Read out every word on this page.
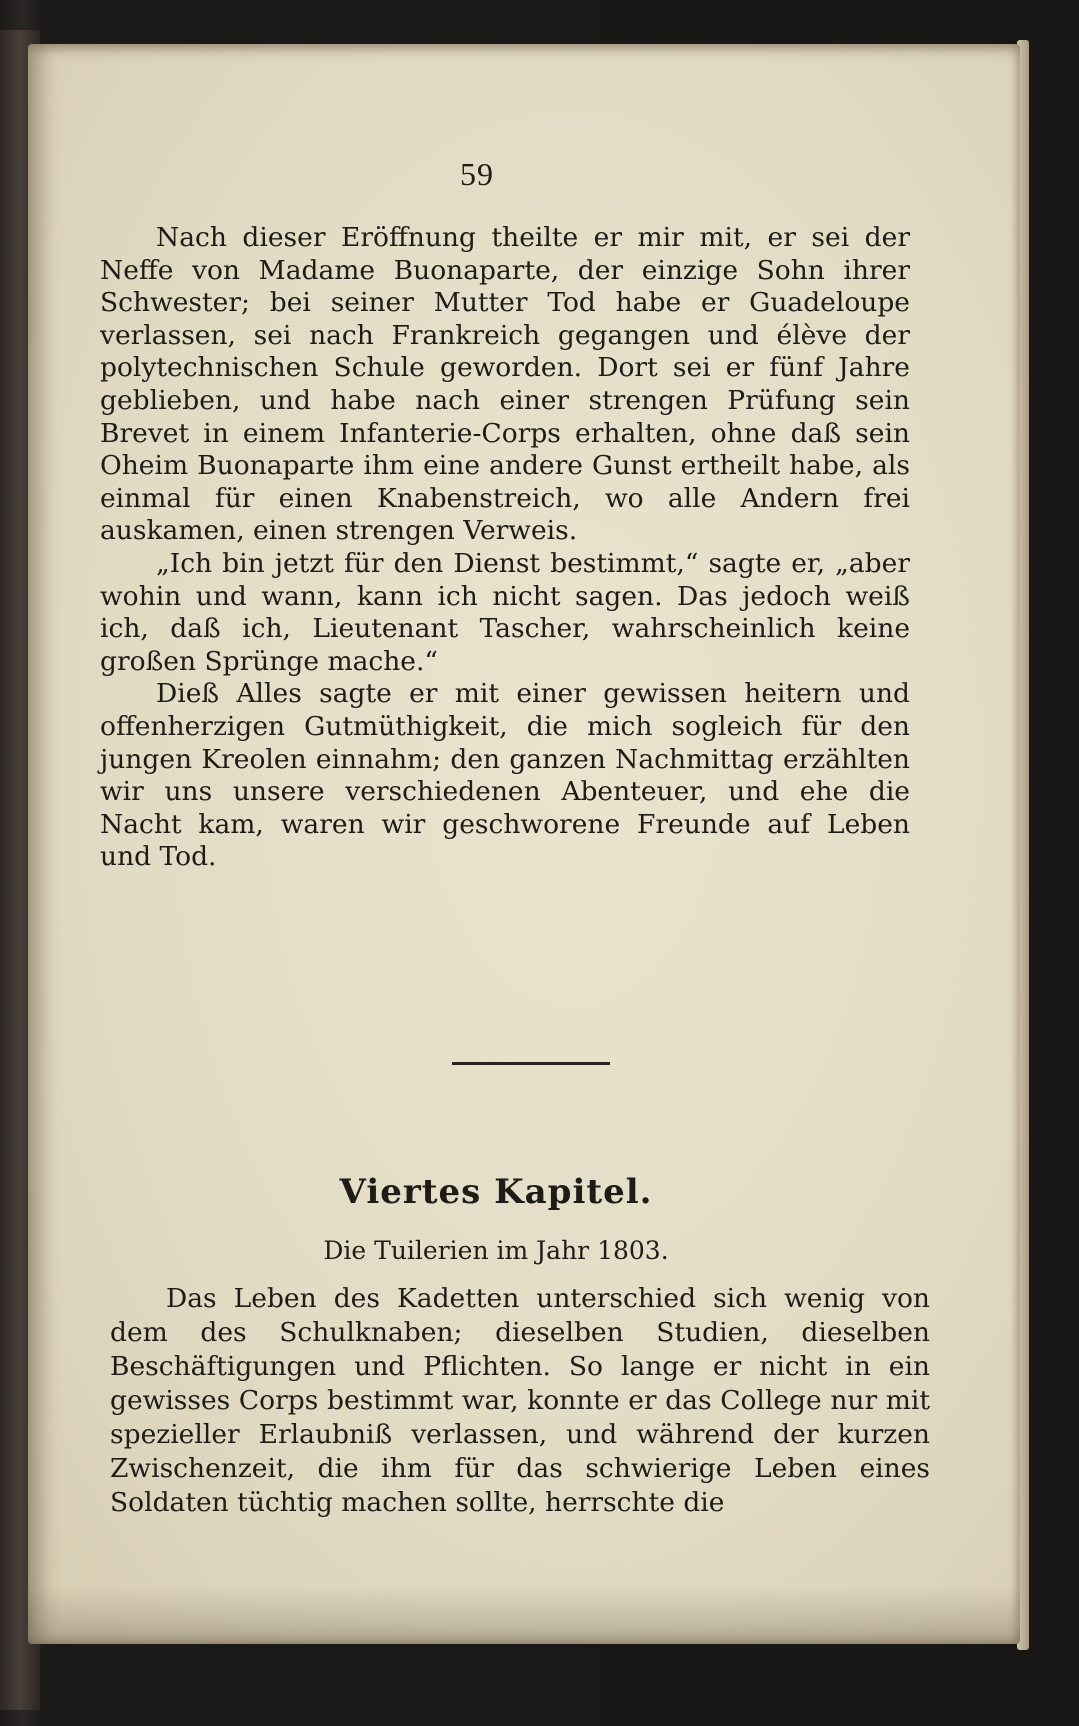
59

Nach dieser Eröffnung theilte er mir mit, er sei der Neffe von Madame Buonaparte, der einzige Sohn ihrer Schwester; bei seiner Mutter Tod habe er Guadeloupe verlassen, sei nach Frankreich gegangen und élève der polytechnischen Schule geworden. Dort sei er fünf Jahre geblieben, und habe nach einer strengen Prüfung sein Brevet in einem Infanterie-Corps erhalten, ohne daß sein Oheim Buonaparte ihm eine andere Gunst ertheilt habe, als einmal für einen Knabenstreich, wo alle Andern frei auskamen, einen strengen Verweis.

„Ich bin jetzt für den Dienst bestimmt,“ sagte er, „aber wohin und wann, kann ich nicht sagen. Das jedoch weiß ich, daß ich, Lieutenant Tascher, wahrscheinlich keine großen Sprünge mache.“

Dieß Alles sagte er mit einer gewissen heitern und offenherzigen Gutmüthigkeit, die mich sogleich für den jungen Kreolen einnahm; den ganzen Nachmittag erzählten wir uns unsere verschiedenen Abenteuer, und ehe die Nacht kam, waren wir geschworene Freunde auf Leben und Tod.

Viertes Kapitel.
Die Tuilerien im Jahr 1803.

Das Leben des Kadetten unterschied sich wenig von dem des Schulknaben; dieselben Studien, dieselben Beschäftigungen und Pflichten. So lange er nicht in ein gewisses Corps bestimmt war, konnte er das College nur mit spezieller Erlaubniß verlassen, und während der kurzen Zwischenzeit, die ihm für das schwierige Leben eines Soldaten tüchtig machen sollte, herrschte die
